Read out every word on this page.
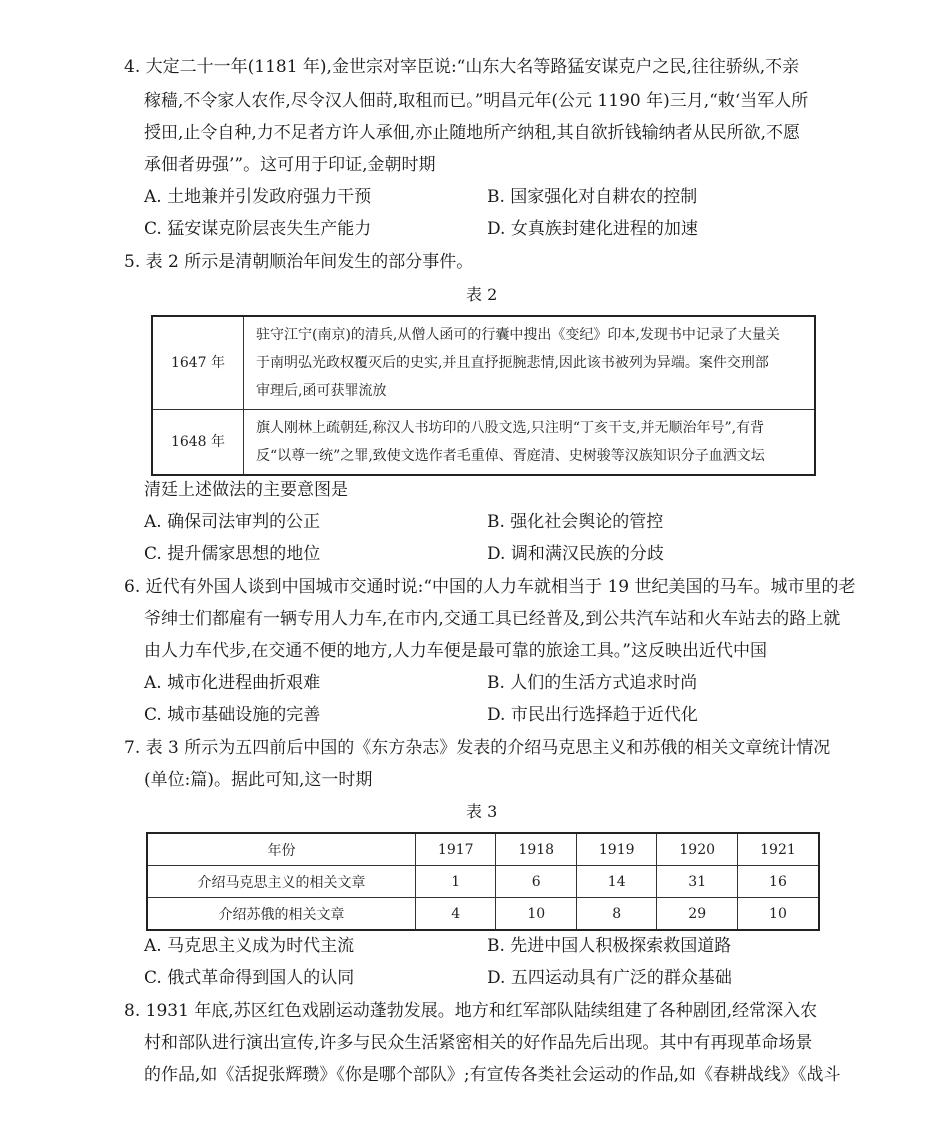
4. 大定二十一年(1181 年),金世宗对宰臣说:“山东大名等路猛安谋克户之民,往往骄纵,不亲
稼穑,不令家人农作,尽令汉人佃莳,取租而已。”明昌元年(公元 1190 年)三月,“敕‘当军人所
授田,止令自种,力不足者方许人承佃,亦止随地所产纳租,其自欲折钱输纳者从民所欲,不愿
承佃者毋强’”。这可用于印证,金朝时期
A. 土地兼并引发政府强力干预	B. 国家强化对自耕农的控制
C. 猛安谋克阶层丧失生产能力	D. 女真族封建化进程的加速
5. 表 2 所示是清朝顺治年间发生的部分事件。
表 2
1647 年	驻守江宁(南京)的清兵,从僧人函可的行囊中搜出《变纪》印本,发现书中记录了大量关
于南明弘光政权覆灭后的史实,并且直抒扼腕悲情,因此该书被列为异端。案件交刑部
审理后,函可获罪流放

1648 年	旗人刚林上疏朝廷,称汉人书坊印的八股文选,只注明“丁亥干支,并无顺治年号”,有背
反“以尊一统”之罪,致使文选作者毛重倬、胥庭清、史树骏等汉族知识分子血洒文坛
清廷上述做法的主要意图是
A. 确保司法审判的公正	B. 强化社会舆论的管控
C. 提升儒家思想的地位	D. 调和满汉民族的分歧
6. 近代有外国人谈到中国城市交通时说:“中国的人力车就相当于 19 世纪美国的马车。城市里的老
爷绅士们都雇有一辆专用人力车,在市内,交通工具已经普及,到公共汽车站和火车站去的路上就
由人力车代步,在交通不便的地方,人力车便是最可靠的旅途工具。”这反映出近代中国
A. 城市化进程曲折艰难	B. 人们的生活方式追求时尚
C. 城市基础设施的完善	D. 市民出行选择趋于近代化
7. 表 3 所示为五四前后中国的《东方杂志》发表的介绍马克思主义和苏俄的相关文章统计情况
(单位:篇)。据此可知,这一时期
表 3
年份	1917	1918	1919	1920	1921
介绍马克思主义的相关文章	1	6	14	31	16
介绍苏俄的相关文章	4	10	8	29	10
A. 马克思主义成为时代主流	B. 先进中国人积极探索救国道路
C. 俄式革命得到国人的认同	D. 五四运动具有广泛的群众基础
8. 1931 年底,苏区红色戏剧运动蓬勃发展。地方和红军部队陆续组建了各种剧团,经常深入农
村和部队进行演出宣传,许多与民众生活紧密相关的好作品先后出现。其中有再现革命场景
的作品,如《活捉张辉瓒》《你是哪个部队》;有宣传各类社会运动的作品,如《春耕战线》《战斗
